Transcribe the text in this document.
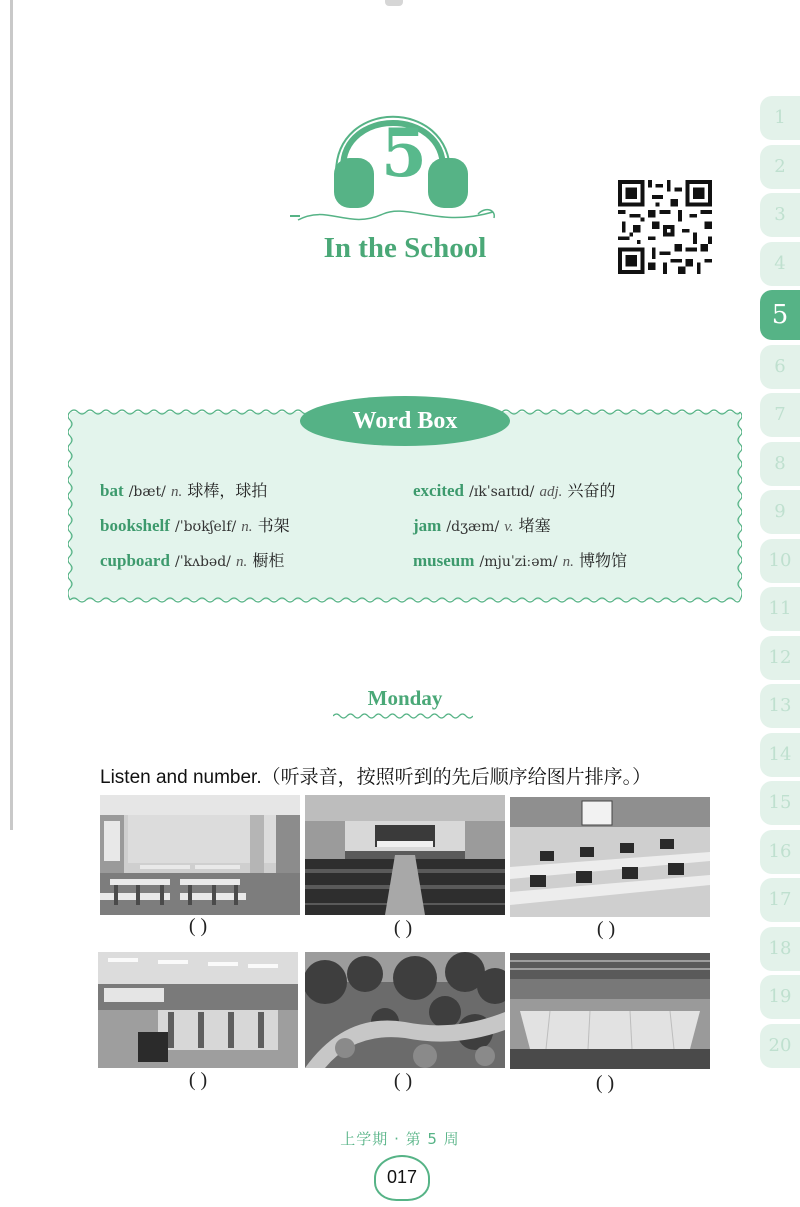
第
5
周
In the School
1
2
3
4
5
6
7
8
9
10
11
12
13
14
15
16
17
18
19
20
Word Box
bat /bæt/ n. 球棒，球拍	excited /ɪkˈsaɪtɪd/ adj. 兴奋的
bookshelf /ˈbʊkʃelf/ n. 书架	jam /dʒæm/ v. 堵塞
cupboard /ˈkʌbəd/ n. 橱柜	museum /mjuˈziːəm/ n. 博物馆
Monday
Listen and number.（听录音，按照听到的先后顺序给图片排序。）
( )	( )	( )
( )	( )	( )
上学期 · 第 5 周
017
